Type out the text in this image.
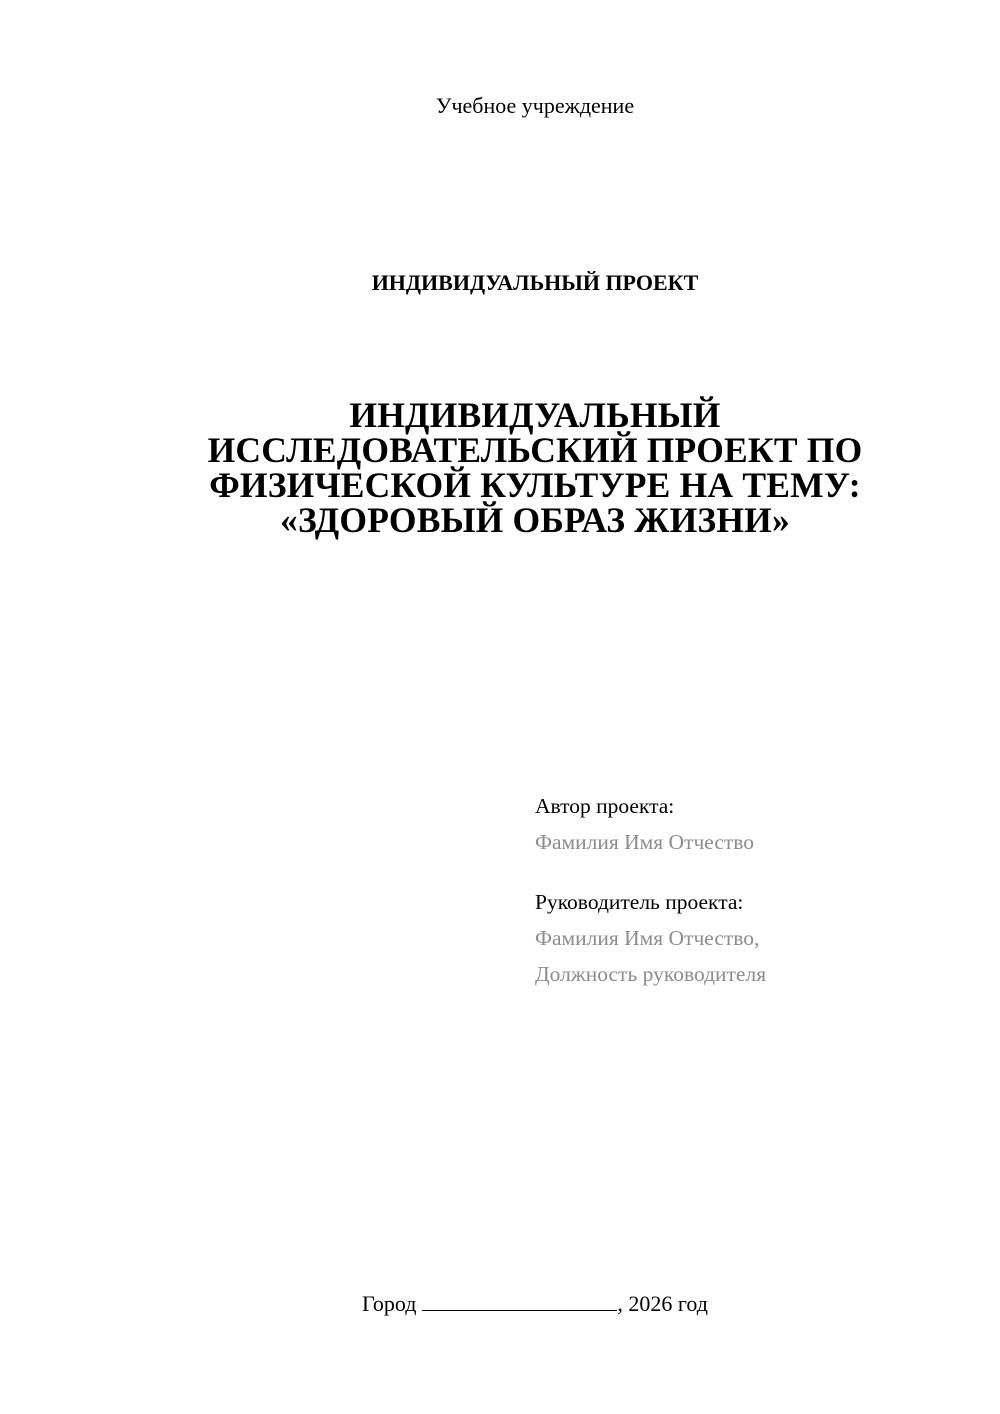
Учебное учреждение
ИНДИВИДУАЛЬНЫЙ ПРОЕКТ
ИНДИВИДУАЛЬНЫЙ
ИССЛЕДОВАТЕЛЬСКИЙ ПРОЕКТ ПО
ФИЗИЧЕСКОЙ КУЛЬТУРЕ НА ТЕМУ:
«ЗДОРОВЫЙ ОБРАЗ ЖИЗНИ»
Автор проекта:
Фамилия Имя Отчество
Руководитель проекта:
Фамилия Имя Отчество,
Должность руководителя
Город	, 2026 год
